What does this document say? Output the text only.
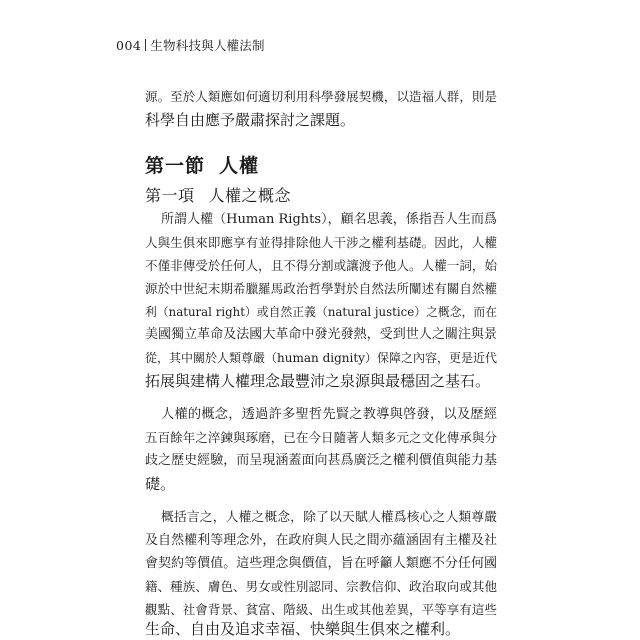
004 生物科技與人權法制
源。至於人類應如何適切利用科學發展契機，以造福人群，則是
科學自由應予嚴肅探討之課題。
第一節 人權
第一項 人權之概念
所謂人權（Human Rights），顧名思義，係指吾人生而爲
人與生俱來即應享有並得排除他人干涉之權利基礎。因此，人權
不僅非傳受於任何人，且不得分割或讓渡予他人。人權一詞，始
源於中世紀末期希臘羅馬政治哲學對於自然法所闡述有關自然權
利（natural right）或自然正義（natural justice）之概念，而在
美國獨立革命及法國大革命中發光發熱，受到世人之關注與景
從，其中關於人類尊嚴（human dignity）保障之內容，更是近代
拓展與建構人權理念最豐沛之泉源與最穩固之基石。
人權的概念，透過許多聖哲先賢之教導與啓發，以及歷經
五百餘年之淬鍊與琢磨，已在今日隨著人類多元之文化傳承與分
歧之歷史經驗，而呈現涵蓋面向甚爲廣泛之權利價值與能力基
礎。
概括言之，人權之概念，除了以天賦人權爲核心之人類尊嚴
及自然權利等理念外，在政府與人民之間亦蘊涵固有主權及社
會契約等價值。這些理念與價值，旨在呼籲人類應不分任何國
籍、種族、膚色、男女或性別認同、宗教信仰、政治取向或其他
觀點、社會背景、貧富、階級、出生或其他差異，平等享有這些
生命、自由及追求幸福、快樂與生俱來之權利。
